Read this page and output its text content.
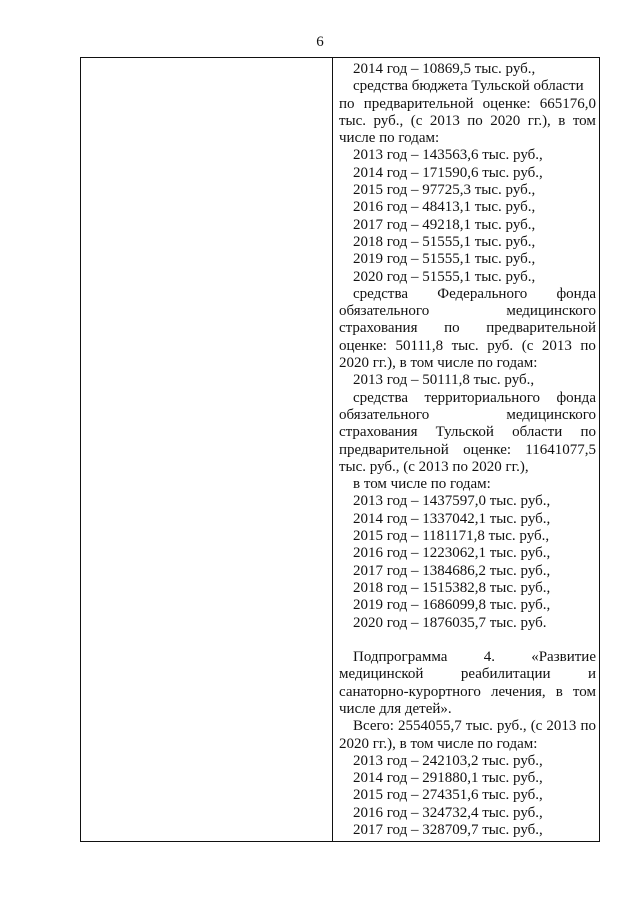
6
2014 год – 10869,5 тыс. руб.,
средства бюджета Тульской области
по предварительной оценке: 665176,0
тыс. руб., (с 2013 по 2020 гг.), в том
числе по годам:
2013 год – 143563,6 тыс. руб.,
2014 год – 171590,6 тыс. руб.,
2015 год – 97725,3 тыс. руб.,
2016 год – 48413,1 тыс. руб.,
2017 год – 49218,1 тыс. руб.,
2018 год – 51555,1 тыс. руб.,
2019 год – 51555,1 тыс. руб.,
2020 год – 51555,1 тыс. руб.,
средства Федерального фонда
обязательного	медицинского
страхования по предварительной
оценке: 50111,8 тыс. руб. (с 2013 по
2020 гг.), в том числе по годам:
2013 год – 50111,8 тыс. руб.,
средства территориального фонда
обязательного	медицинского
страхования Тульской области по
предварительной оценке: 11641077,5
тыс. руб., (с 2013 по 2020 гг.),
в том числе по годам:
2013 год – 1437597,0 тыс. руб.,
2014 год – 1337042,1 тыс. руб.,
2015 год – 1181171,8 тыс. руб.,
2016 год – 1223062,1 тыс. руб.,
2017 год – 1384686,2 тыс. руб.,
2018 год – 1515382,8 тыс. руб.,
2019 год – 1686099,8 тыс. руб.,
2020 год – 1876035,7 тыс. руб.
Подпрограмма 4. «Развитие
медицинской реабилитации и
санаторно-курортного лечения, в том
числе для детей».
Всего: 2554055,7 тыс. руб., (с 2013 по
2020 гг.), в том числе по годам:
2013 год – 242103,2 тыс. руб.,
2014 год – 291880,1 тыс. руб.,
2015 год – 274351,6 тыс. руб.,
2016 год – 324732,4 тыс. руб.,
2017 год – 328709,7 тыс. руб.,
